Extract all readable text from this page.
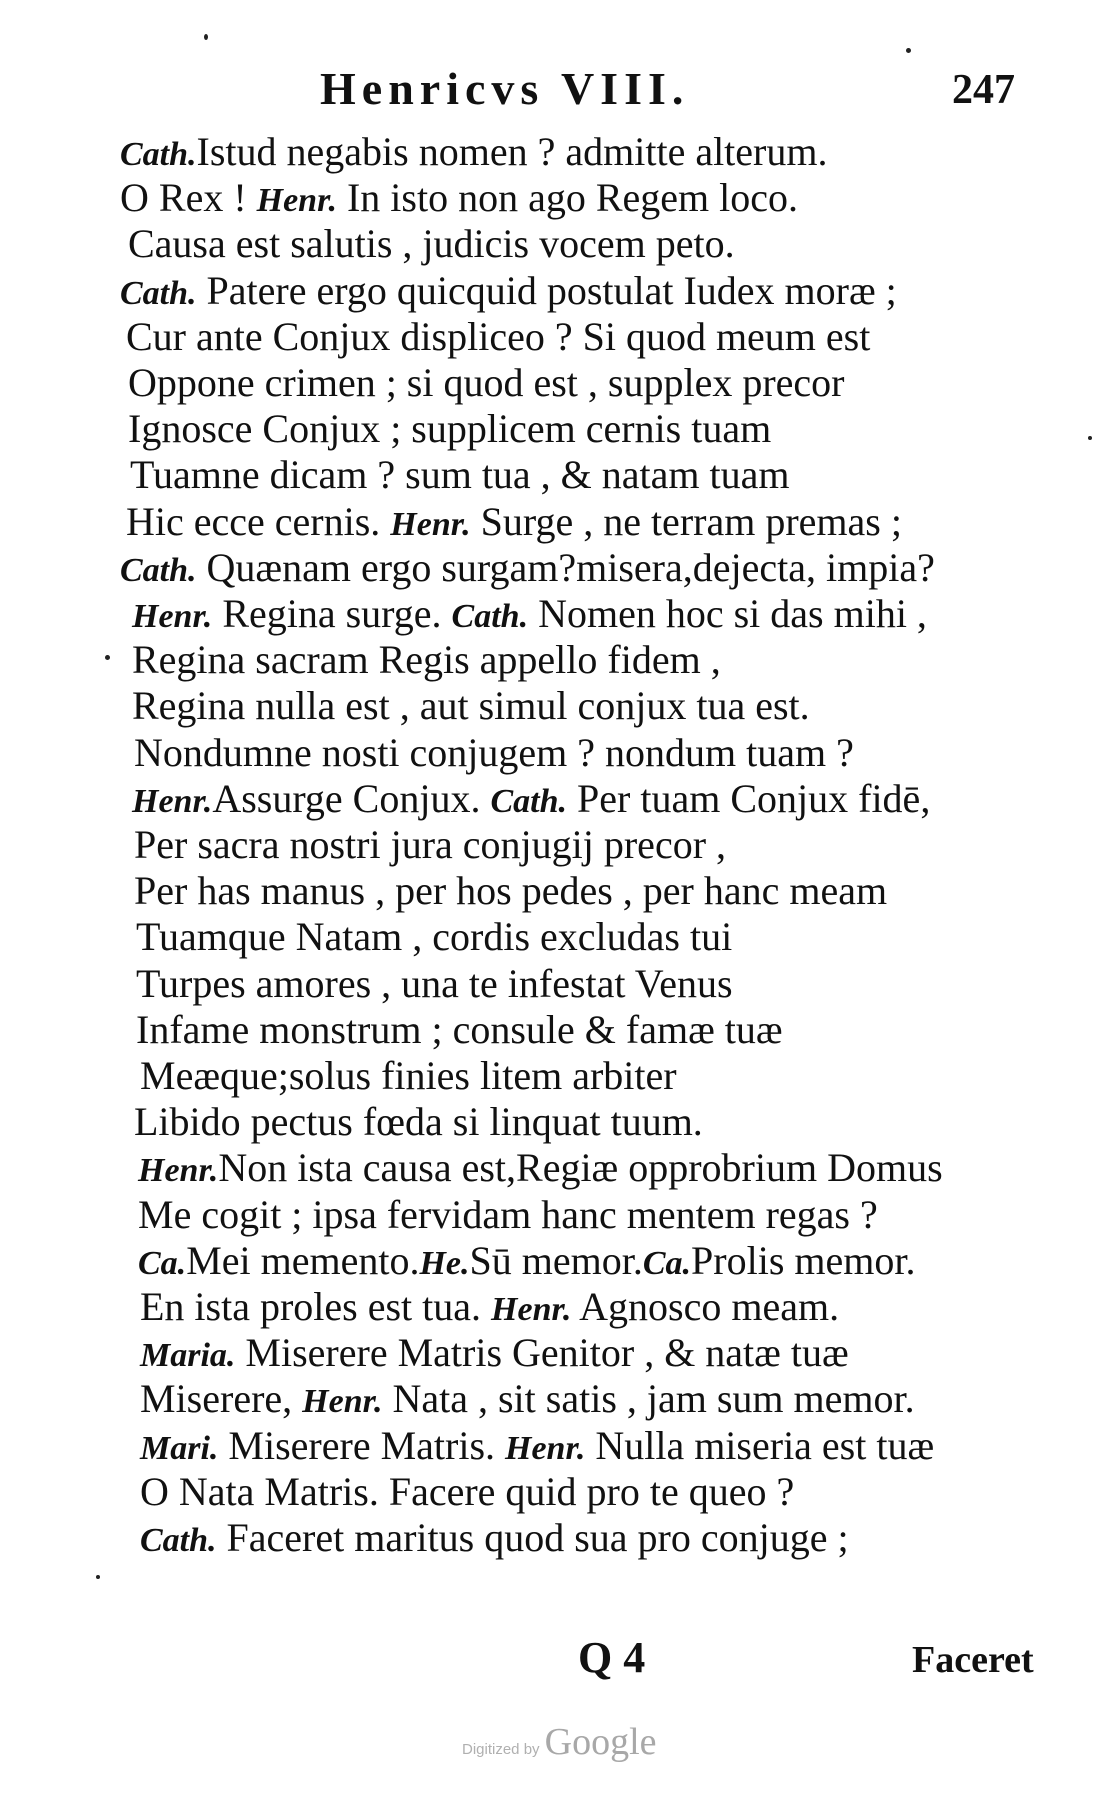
Henricvs VIII.	247
Cath.Istud negabis nomen ? admitte alterum.
O Rex ! Henr. In isto non ago Regem loco.
Causa est salutis , judicis vocem peto.
Cath. Patere ergo quicquid postulat Iudex moræ ;
Cur ante Conjux displiceo ? Si quod meum est
Oppone crimen ; si quod est , supplex precor
Ignosce Conjux ; supplicem cernis tuam
Tuamne dicam ? sum tua , & natam tuam
Hic ecce cernis. Henr. Surge , ne terram premas ;
Cath. Quænam ergo surgam?misera,dejecta, impia?
Henr. Regina surge. Cath. Nomen hoc si das mihi ,
Regina sacram Regis appello fidem ,
Regina nulla est , aut simul conjux tua est.
Nondumne nosti conjugem ? nondum tuam ?
Henr.Assurge Conjux. Cath. Per tuam Conjux fidē,
Per sacra nostri jura conjugij precor ,
Per has manus , per hos pedes , per hanc meam
Tuamque Natam , cordis excludas tui
Turpes amores , una te infestat Venus
Infame monstrum ; consule & famæ tuæ
Meæque;solus finies litem arbiter
Libido pectus fœda si linquat tuum.
Henr.Non ista causa est,Regiæ opprobrium Domus
Me cogit ; ipsa fervidam hanc mentem regas ?
Ca.Mei memento.He.Sū memor.Ca.Prolis memor.
En ista proles est tua. Henr. Agnosco meam.
Maria. Miserere Matris Genitor , & natæ tuæ
Miserere, Henr. Nata , sit satis , jam sum memor.
Mari. Miserere Matris. Henr. Nulla miseria est tuæ
O Nata Matris. Facere quid pro te queo ?
Cath. Faceret maritus quod sua pro conjuge ;
Q 4	Faceret
Digitized by Google
